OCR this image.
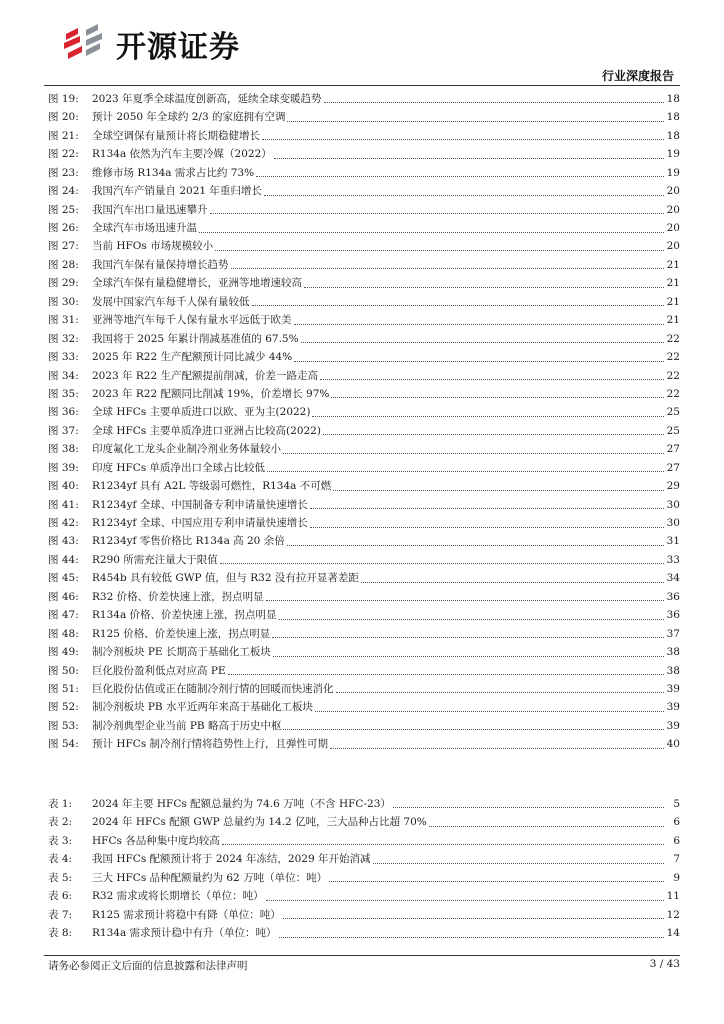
开源证券
行业深度报告
图 19:	2023 年夏季全球温度创新高，延续全球变暖趋势	18
图 20:	预计 2050 年全球约 2/3 的家庭拥有空调	18
图 21:	全球空调保有量预计将长期稳健增长	18
图 22:	R134a 依然为汽车主要冷媒（2022）	19
图 23:	维修市场 R134a 需求占比约 73%	19
图 24:	我国汽车产销量自 2021 年重归增长	20
图 25:	我国汽车出口量迅速攀升	20
图 26:	全球汽车市场迅速升温	20
图 27:	当前 HFOs 市场规模较小	20
图 28:	我国汽车保有量保持增长趋势	21
图 29:	全球汽车保有量稳健增长，亚洲等地增速较高	21
图 30:	发展中国家汽车每千人保有量较低	21
图 31:	亚洲等地汽车每千人保有量水平远低于欧美	21
图 32:	我国将于 2025 年累计削减基准值的 67.5%	22
图 33:	2025 年 R22 生产配额预计同比减少 44%	22
图 34:	2023 年 R22 生产配额提前削减，价差一路走高	22
图 35:	2023 年 R22 配额同比削减 19%，价差增长 97%	22
图 36:	全球 HFCs 主要单质进口以欧、亚为主(2022)	25
图 37:	全球 HFCs 主要单质净进口亚洲占比较高(2022)	25
图 38:	印度氟化工龙头企业制冷剂业务体量较小	27
图 39:	印度 HFCs 单质净出口全球占比较低	27
图 40:	R1234yf 具有 A2L 等级弱可燃性，R134a 不可燃	29
图 41:	R1234yf 全球、中国制备专利申请量快速增长	30
图 42:	R1234yf 全球、中国应用专利申请量快速增长	30
图 43:	R1234yf 零售价格比 R134a 高 20 余倍	31
图 44:	R290 所需充注量大于限值	33
图 45:	R454b 具有较低 GWP 值，但与 R32 没有拉开显著差距	34
图 46:	R32 价格、价差快速上涨，拐点明显	36
图 47:	R134a 价格、价差快速上涨，拐点明显	36
图 48:	R125 价格、价差快速上涨，拐点明显	37
图 49:	制冷剂板块 PE 长期高于基础化工板块	38
图 50:	巨化股份盈利低点对应高 PE	38
图 51:	巨化股份估值或正在随制冷剂行情的回暖而快速消化	39
图 52:	制冷剂板块 PB 水平近两年来高于基础化工板块	39
图 53:	制冷剂典型企业当前 PB 略高于历史中枢	39
图 54:	预计 HFCs 制冷剂行情将趋势性上行，且弹性可期	40
表 1:	2024 年主要 HFCs 配额总量约为 74.6 万吨（不含 HFC-23）	5
表 2:	2024 年 HFCs 配额 GWP 总量约为 14.2 亿吨，三大品种占比超 70%	6
表 3:	HFCs 各品种集中度均较高	6
表 4:	我国 HFCs 配额预计将于 2024 年冻结，2029 年开始消减	7
表 5:	三大 HFCs 品种配额量约为 62 万吨（单位：吨）	9
表 6:	R32 需求或将长期增长（单位：吨）	11
表 7:	R125 需求预计将稳中有降（单位：吨）	12
表 8:	R134a 需求预计稳中有升（单位：吨）	14
请务必参阅正文后面的信息披露和法律声明	3 / 43
